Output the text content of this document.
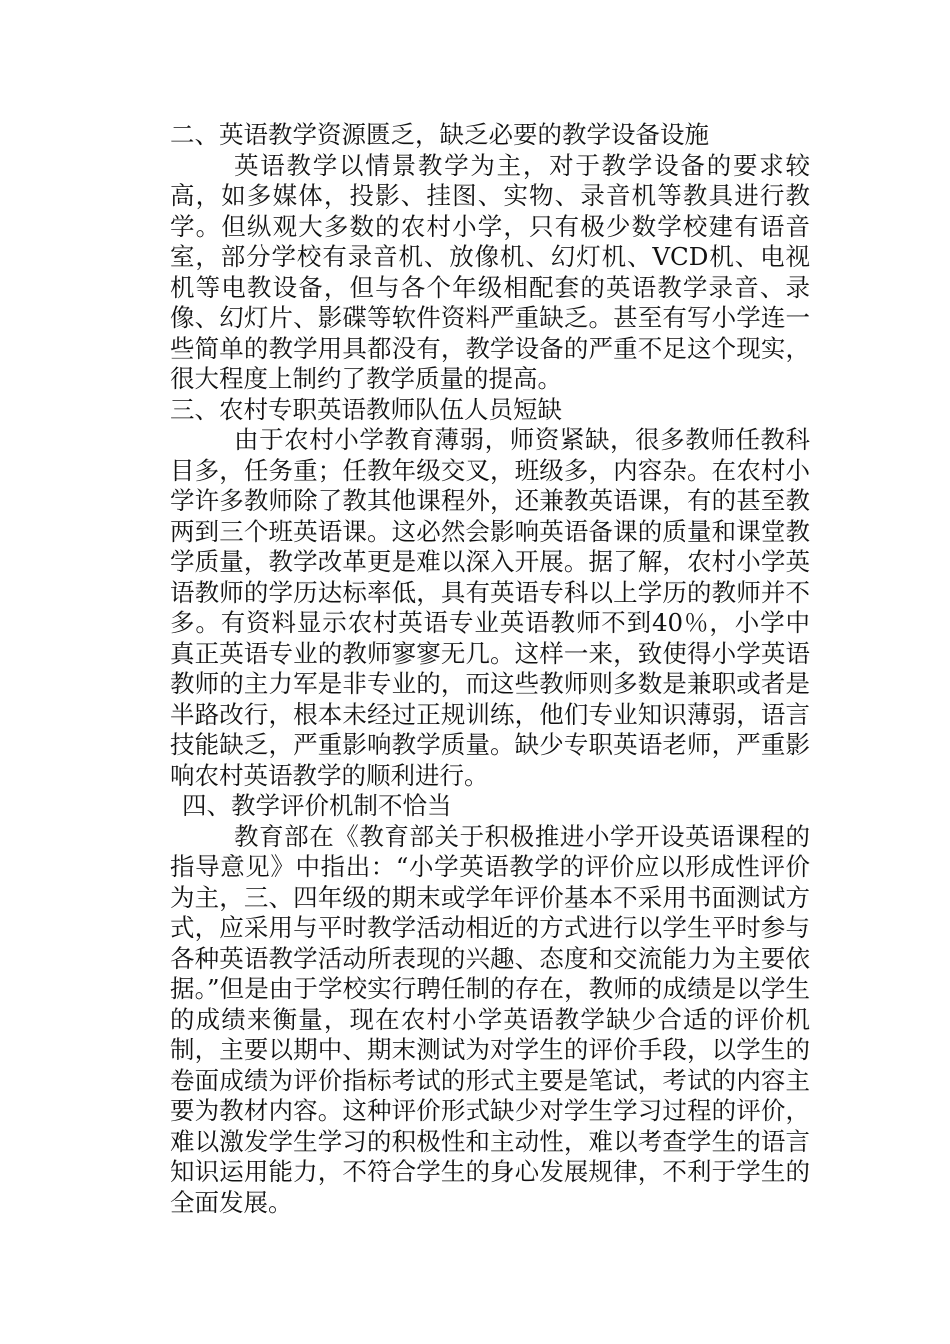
二、英语教学资源匮乏，缺乏必要的教学设备设施

英语教学以情景教学为主，对于教学设备的要求较高，如多媒体，投影、挂图、实物、录音机等教具进行教学。但纵观大多数的农村小学，只有极少数学校建有语音室，部分学校有录音机、放像机、幻灯机、VCD机、电视机等电教设备，但与各个年级相配套的英语教学录音、录像、幻灯片、影碟等软件资料严重缺乏。甚至有写小学连一些简单的教学用具都没有，教学设备的严重不足这个现实，很大程度上制约了教学质量的提高。

三、农村专职英语教师队伍人员短缺

由于农村小学教育薄弱，师资紧缺，很多教师任教科目多，任务重；任教年级交叉，班级多，内容杂。在农村小学许多教师除了教其他课程外，还兼教英语课，有的甚至教两到三个班英语课。这必然会影响英语备课的质量和课堂教学质量，教学改革更是难以深入开展。据了解，农村小学英语教师的学历达标率低，具有英语专科以上学历的教师并不多。有资料显示农村英语专业英语教师不到40％，小学中真正英语专业的教师寥寥无几。这样一来，致使得小学英语教师的主力军是非专业的，而这些教师则多数是兼职或者是半路改行，根本未经过正规训练，他们专业知识薄弱，语言技能缺乏，严重影响教学质量。缺少专职英语老师，严重影响农村英语教学的顺利进行。

四、教学评价机制不恰当

教育部在《教育部关于积极推进小学开设英语课程的指导意见》中指出：“小学英语教学的评价应以形成性评价为主，三、四年级的期末或学年评价基本不采用书面测试方式，应采用与平时教学活动相近的方式进行以学生平时参与各种英语教学活动所表现的兴趣、态度和交流能力为主要依据。”但是由于学校实行聘任制的存在，教师的成绩是以学生的成绩来衡量，现在农村小学英语教学缺少合适的评价机制，主要以期中、期末测试为对学生的评价手段，以学生的卷面成绩为评价指标考试的形式主要是笔试，考试的内容主要为教材内容。这种评价形式缺少对学生学习过程的评价，难以激发学生学习的积极性和主动性，难以考查学生的语言知识运用能力，不符合学生的身心发展规律，不利于学生的全面发展。
